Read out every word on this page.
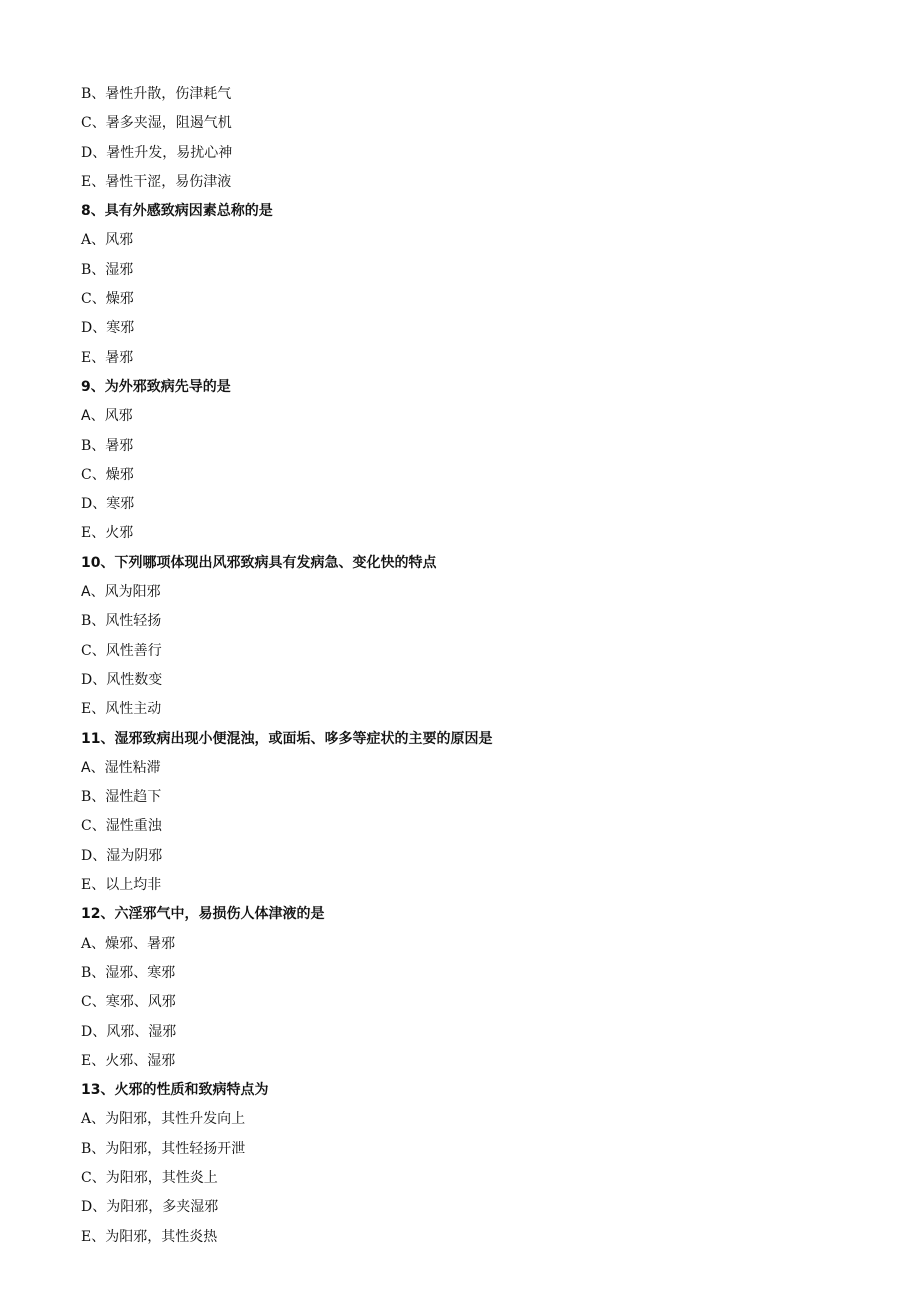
B、暑性升散，伤津耗气
C、暑多夹湿，阻遏气机
D、暑性升发，易扰心神
E、暑性干涩，易伤津液
8、具有外感致病因素总称的是
A、风邪
B、湿邪
C、燥邪
D、寒邪
E、暑邪
9、为外邪致病先导的是
A、风邪
B、暑邪
C、燥邪
D、寒邪
E、火邪
10、下列哪项体现出风邪致病具有发病急、变化快的特点
A、风为阳邪
B、风性轻扬
C、风性善行
D、风性数变
E、风性主动
11、湿邪致病出现小便混浊，或面垢、哆多等症状的主要的原因是
A、湿性粘滞
B、湿性趋下
C、湿性重浊
D、湿为阴邪
E、以上均非
12、六淫邪气中，易损伤人体津液的是
A、燥邪、暑邪
B、湿邪、寒邪
C、寒邪、风邪
D、风邪、湿邪
E、火邪、湿邪
13、火邪的性质和致病特点为
A、为阳邪，其性升发向上
B、为阳邪，其性轻扬开泄
C、为阳邪，其性炎上
D、为阳邪，多夹湿邪
E、为阳邪，其性炎热
